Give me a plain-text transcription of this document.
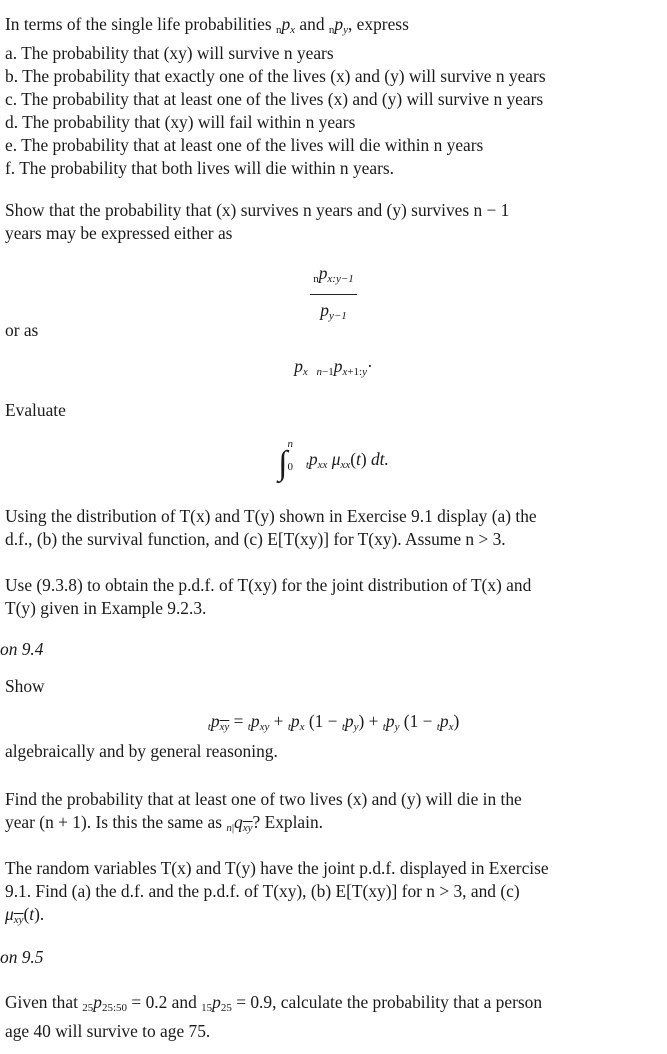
In terms of the single life probabilities $np_x$ and $np_y$, express
a. The probability that (xy) will survive n years
b. The probability that exactly one of the lives (x) and (y) will survive n years
c. The probability that at least one of the lives (x) and (y) will survive n years
d. The probability that (xy) will fail within n years
e. The probability that at least one of the lives will die within n years
f. The probability that both lives will die within n years.
Show that the probability that (x) survives n years and (y) survives n − 1
years may be expressed either as
$\frac{np_{x:y-1}}{p_{y-1}}$
or as
$p_x$ $n-1p_{x+1:y}\cdot$
Evaluate
∫
n
0 $tp_{xx}$ $\mu_{xx}(t)$ dt.
Using the distribution of T(x) and T(y) shown in Exercise 9.1 display (a) the
d.f., (b) the survival function, and (c) E[T(xy)] for T(xy). Assume n > 3.
Use (9.3.8) to obtain the p.d.f. of T(xy) for the joint distribution of T(x) and
T(y) given in Example 9.2.3.
on 9.4
Show
$tp_{\overline{xy}} = tp_{xy} + tp_x$ $(1 - tp_y) + tp_y$ $(1 - tp_x)$
algebraically and by general reasoning.
Find the probability that at least one of two lives (x) and (y) will die in the
year (n + 1). Is this the same as $n|q_{\overline{xy}}$? Explain.
The random variables T(x) and T(y) have the joint p.d.f. displayed in Exercise
9.1. Find (a) the d.f. and the p.d.f. of T(xy), (b) E[T(xy)] for n > 3, and (c)
$\mu_{\overline{xy}}(t)$.
on 9.5
Given that $25p_{25:50} = 0.2$ and $15p_{25} = 0.9$, calculate the probability that a person
age 40 will survive to age 75.
